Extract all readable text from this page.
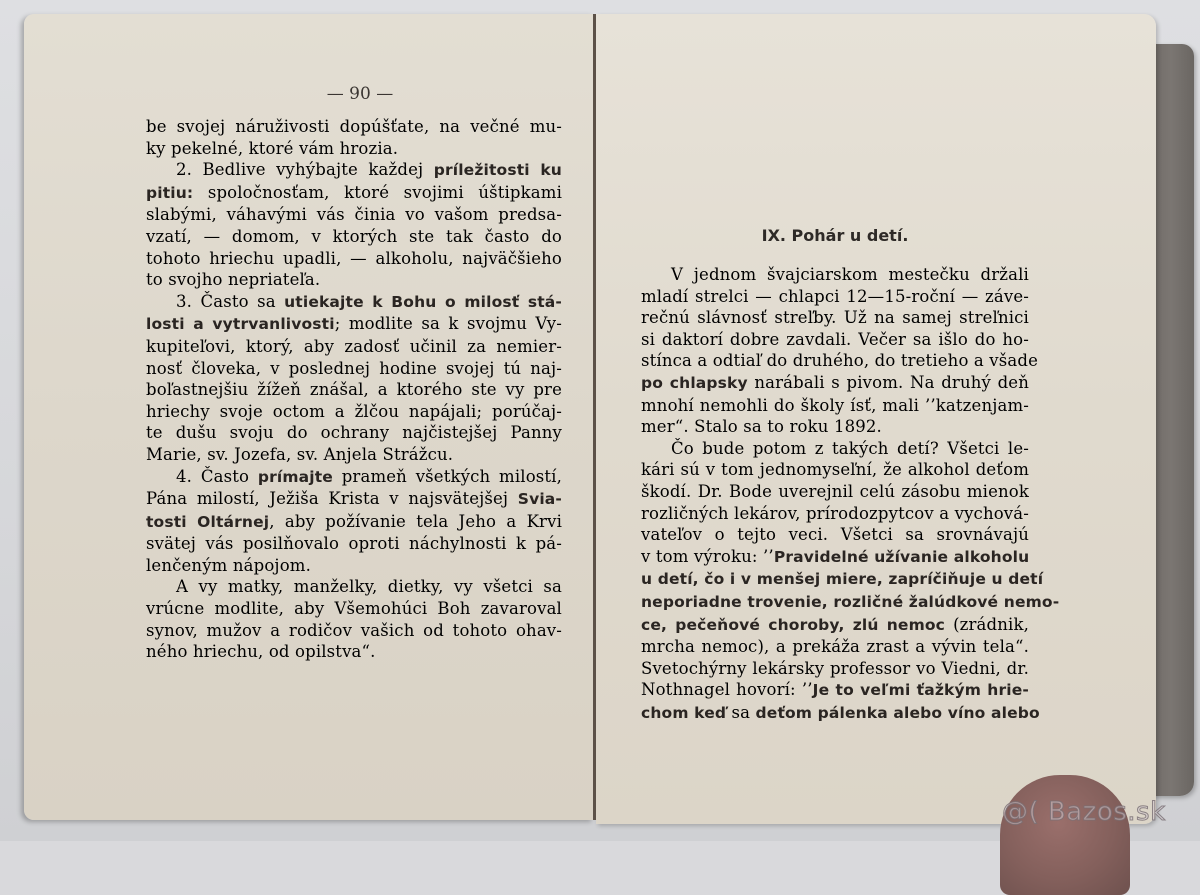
— 90 —
be svojej náruživosti dopúšťate, na večné mu-
ky pekelné, ktoré vám hrozia.
2. Bedlive vyhýbajte každej príležitosti ku
pitiu: spoločnosťam, ktoré svojimi úštipkami
slabými, váhavými vás činia vo vašom predsa-
vzatí, — domom, v ktorých ste tak často do
tohoto hriechu upadli, — alkoholu, najväčšieho
to svojho nepriateľa.
3. Často sa utiekajte k Bohu o milosť stá-
losti a vytrvanlivosti; modlite sa k svojmu Vy-
kupiteľovi, ktorý, aby zadosť učinil za nemier-
nosť človeka, v poslednej hodine svojej tú naj-
boľastnejšiu žížeň znášal, a ktorého ste vy pre
hriechy svoje octom a žlčou napájali; porúčaj-
te dušu svoju do ochrany najčistejšej Panny
Marie, sv. Jozefa, sv. Anjela Strážcu.
4. Často prímajte prameň všetkých milostí,
Pána milostí, Ježiša Krista v najsvätejšej Svia-
tosti Oltárnej, aby požívanie tela Jeho a Krvi
svätej vás posilňovalo oproti náchylnosti k pá-
lenčeným nápojom.
A vy matky, manželky, dietky, vy všetci sa
vrúcne modlite, aby Všemohúci Boh zavaroval
synov, mužov a rodičov vašich od tohoto ohav-
ného hriechu, od opilstva“.
IX. Pohár u detí.
V jednom švajciarskom mestečku držali
mladí strelci — chlapci 12—15-roční — záve-
rečnú slávnosť streľby. Už na samej streľnici
si daktorí dobre zavdali. Večer sa išlo do ho-
stínca a odtiaľ do druhého, do tretieho a všade
po chlapsky narábali s pivom. Na druhý deň
mnohí nemohli do školy ísť, mali ’’katzenjam-
mer“. Stalo sa to roku 1892.
Čo bude potom z takých detí? Všetci le-
kári sú v tom jednomyseľní, že alkohol deťom
škodí. Dr. Bode uverejnil celú zásobu mienok
rozličných lekárov, prírodozpytcov a vychová-
vateľov o tejto veci. Všetci sa srovnávajú
v tom výroku: ’’Pravidelné užívanie alkoholu
u detí, čo i v menšej miere, zapríčiňuje u detí
neporiadne trovenie, rozličné žalúdkové nemo-
ce, pečeňové choroby, zlú nemoc (zrádnik,
mrcha nemoc), a prekáža zrast a vývin tela“.
Svetochýrny lekársky professor vo Viedni, dr.
Nothnagel hovorí: ’’Je to veľmi ťažkým hrie-
chom keď sa deťom pálenka alebo víno alebo
@( Bazos.sk
